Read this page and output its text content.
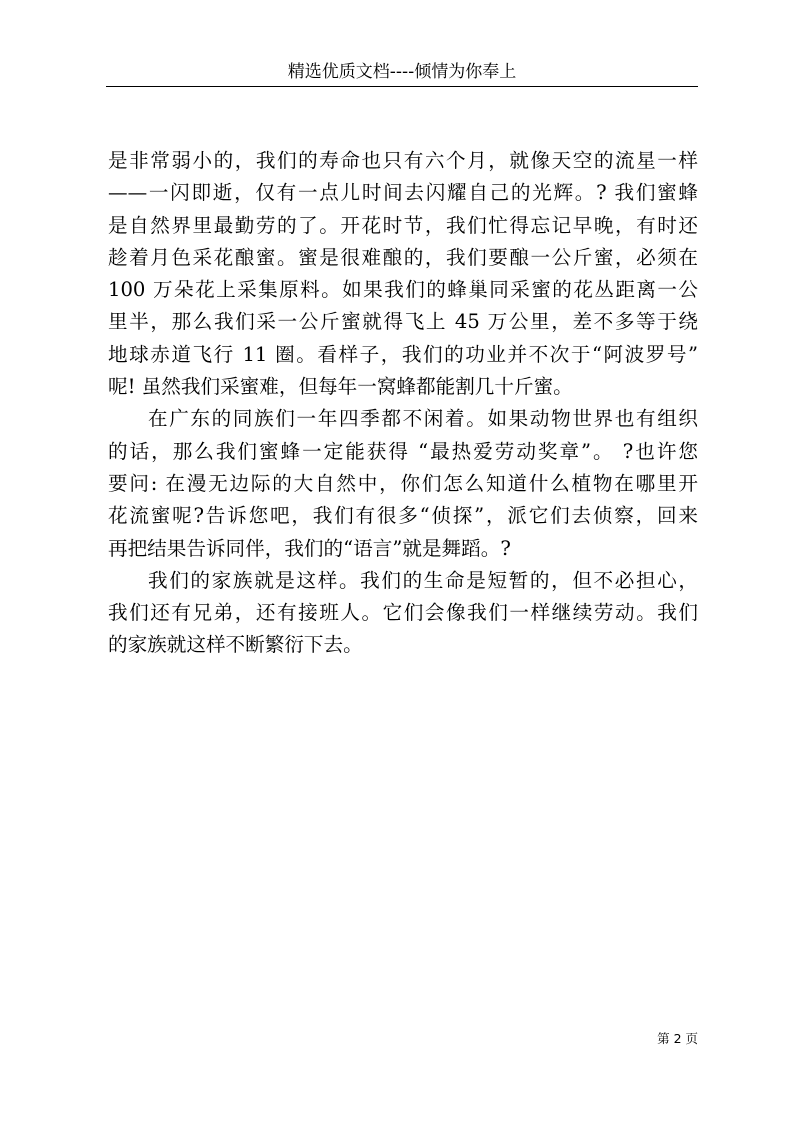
精选优质文档----倾情为你奉上
是非常弱小的，我们的寿命也只有六个月，就像天空的流星一样
——一闪即逝，仅有一点儿时间去闪耀自己的光辉。? 我们蜜蜂
是自然界里最勤劳的了。开花时节，我们忙得忘记早晚，有时还
趁着月色采花酿蜜。蜜是很难酿的，我们要酿一公斤蜜，必须在
100 万朵花上采集原料。如果我们的蜂巢同采蜜的花丛距离一公
里半，那么我们采一公斤蜜就得飞上 45 万公里，差不多等于绕
地球赤道飞行 11 圈。看样子，我们的功业并不次于“阿波罗号”
呢! 虽然我们采蜜难，但每年一窝蜂都能割几十斤蜜。
在广东的同族们一年四季都不闲着。如果动物世界也有组织
的话，那么我们蜜蜂一定能获得 “最热爱劳动奖章”。 ?也许您
要问: 在漫无边际的大自然中，你们怎么知道什么植物在哪里开
花流蜜呢?告诉您吧，我们有很多“侦探”，派它们去侦察，回来
再把结果告诉同伴，我们的“语言”就是舞蹈。?
我们的家族就是这样。我们的生命是短暂的，但不必担心，
我们还有兄弟，还有接班人。它们会像我们一样继续劳动。我们
的家族就这样不断繁衍下去。
第 2 页
